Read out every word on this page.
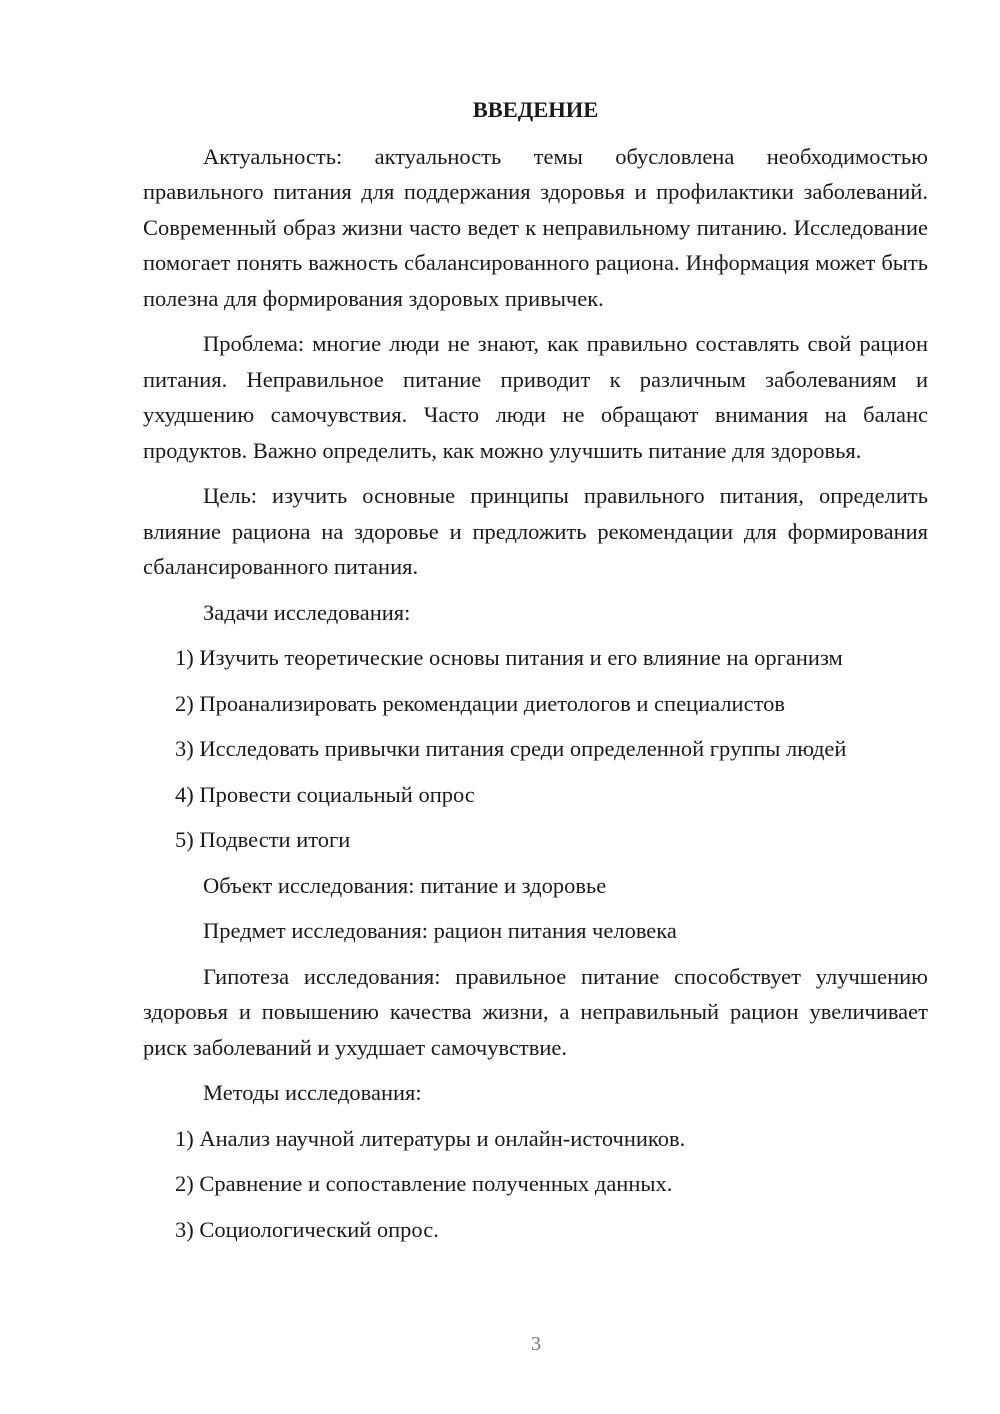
ВВЕДЕНИЕ

Актуальность: актуальность темы обусловлена необходимостью правильного питания для поддержания здоровья и профилактики заболеваний. Современный образ жизни часто ведет к неправильному питанию. Исследование помогает понять важность сбалансированного рациона. Информация может быть полезна для формирования здоровых привычек.

Проблема: многие люди не знают, как правильно составлять свой рацион питания. Неправильное питание приводит к различным заболеваниям и ухудшению самочувствия. Часто люди не обращают внимания на баланс продуктов. Важно определить, как можно улучшить питание для здоровья.

Цель: изучить основные принципы правильного питания, определить влияние рациона на здоровье и предложить рекомендации для формирования сбалансированного питания.

Задачи исследования:

1) Изучить теоретические основы питания и его влияние на организм
2) Проанализировать рекомендации диетологов и специалистов
3) Исследовать привычки питания среди определенной группы людей
4) Провести социальный опрос
5) Подвести итоги

Объект исследования: питание и здоровье

Предмет исследования: рацион питания человека

Гипотеза исследования: правильное питание способствует улучшению здоровья и повышению качества жизни, а неправильный рацион увеличивает риск заболеваний и ухудшает самочувствие.

Методы исследования:

1) Анализ научной литературы и онлайн-источников.
2) Сравнение и сопоставление полученных данных.
3) Социологический опрос.
3
